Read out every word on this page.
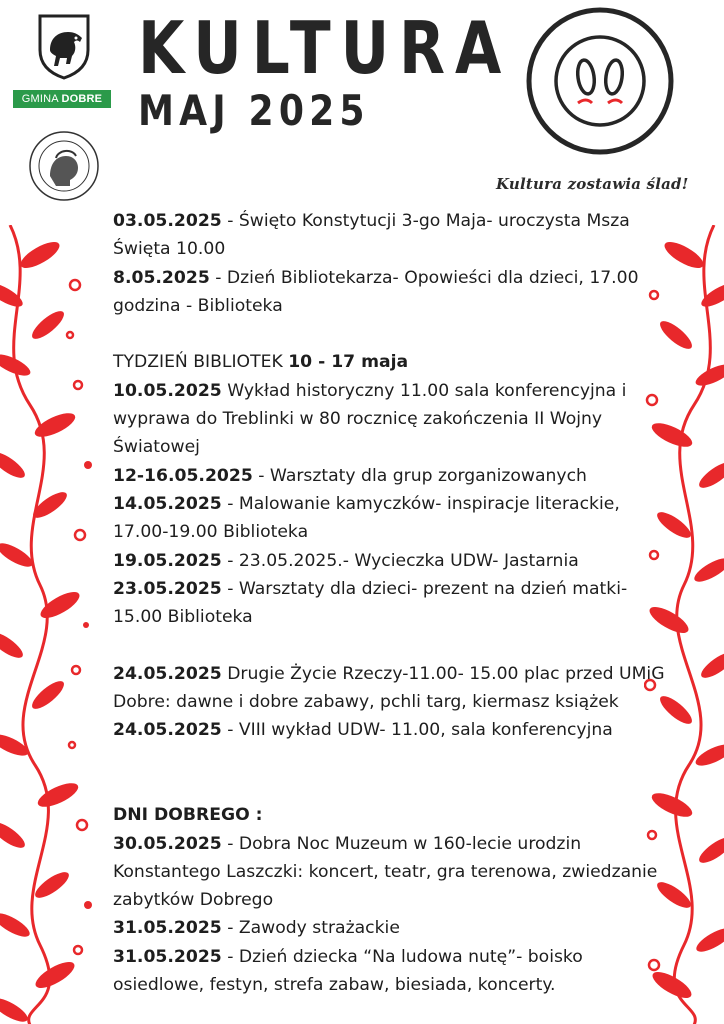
GMINA DOBRE
KULTURA
MAJ 2025
Kultura zostawia ślad!

03.05.2025 - Święto Konstytucji 3-go Maja- uroczysta Msza Święta 10.00

8.05.2025 - Dzień Bibliotekarza- Opowieści dla dzieci, 17.00 godzina - Biblioteka

TYDZIEŃ BIBLIOTEK 10 - 17 maja

10.05.2025 Wykład historyczny 11.00 sala konferencyjna i wyprawa do Treblinki w 80 rocznicę zakończenia II Wojny Światowej

12-16.05.2025 - Warsztaty dla grup zorganizowanych

14.05.2025 - Malowanie kamyczków- inspiracje literackie, 17.00-19.00 Biblioteka

19.05.2025 - 23.05.2025.- Wycieczka UDW- Jastarnia

23.05.2025 - Warsztaty dla dzieci- prezent na dzień matki-15.00 Biblioteka

24.05.2025 Drugie Życie Rzeczy-11.00- 15.00 plac przed UMiG Dobre: dawne i dobre zabawy, pchli targ, kiermasz książek

24.05.2025 - VIII wykład UDW- 11.00, sala konferencyjna

DNI DOBREGO :

30.05.2025 - Dobra Noc Muzeum w 160-lecie urodzin Konstantego Laszczki: koncert, teatr, gra terenowa, zwiedzanie zabytków Dobrego

31.05.2025 - Zawody strażackie

31.05.2025 - Dzień dziecka “Na ludowa nutę”- boisko osiedlowe, festyn, strefa zabaw, biesiada, koncerty.
